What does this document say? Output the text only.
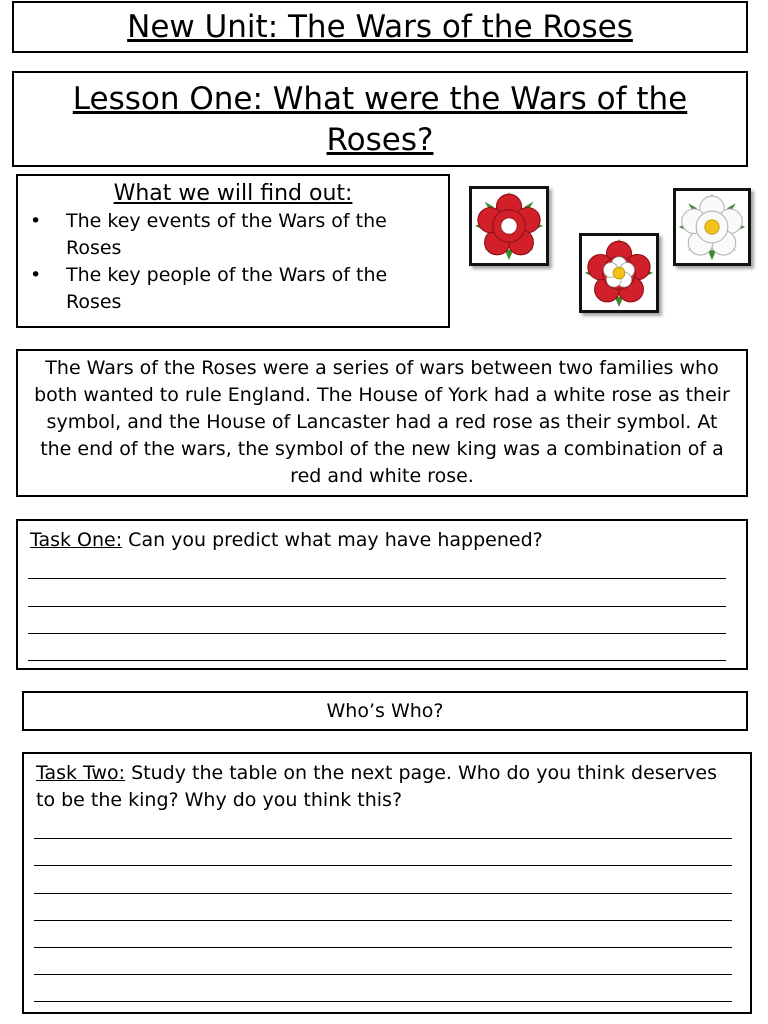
New Unit: The Wars of the Roses
Lesson One: What were the Wars of the
Roses?
What we will find out:
• The key events of the Wars of the Roses
• The key people of the Wars of the Roses

The Wars of the Roses were a series of wars between two families who both wanted to rule England. The House of York had a white rose as their symbol, and the House of Lancaster had a red rose as their symbol. At the end of the wars, the symbol of the new king was a combination of a red and white rose.

Task One: Can you predict what may have happened?

Who’s Who?

Task Two: Study the table on the next page. Who do you think deserves to be the king? Why do you think this?
